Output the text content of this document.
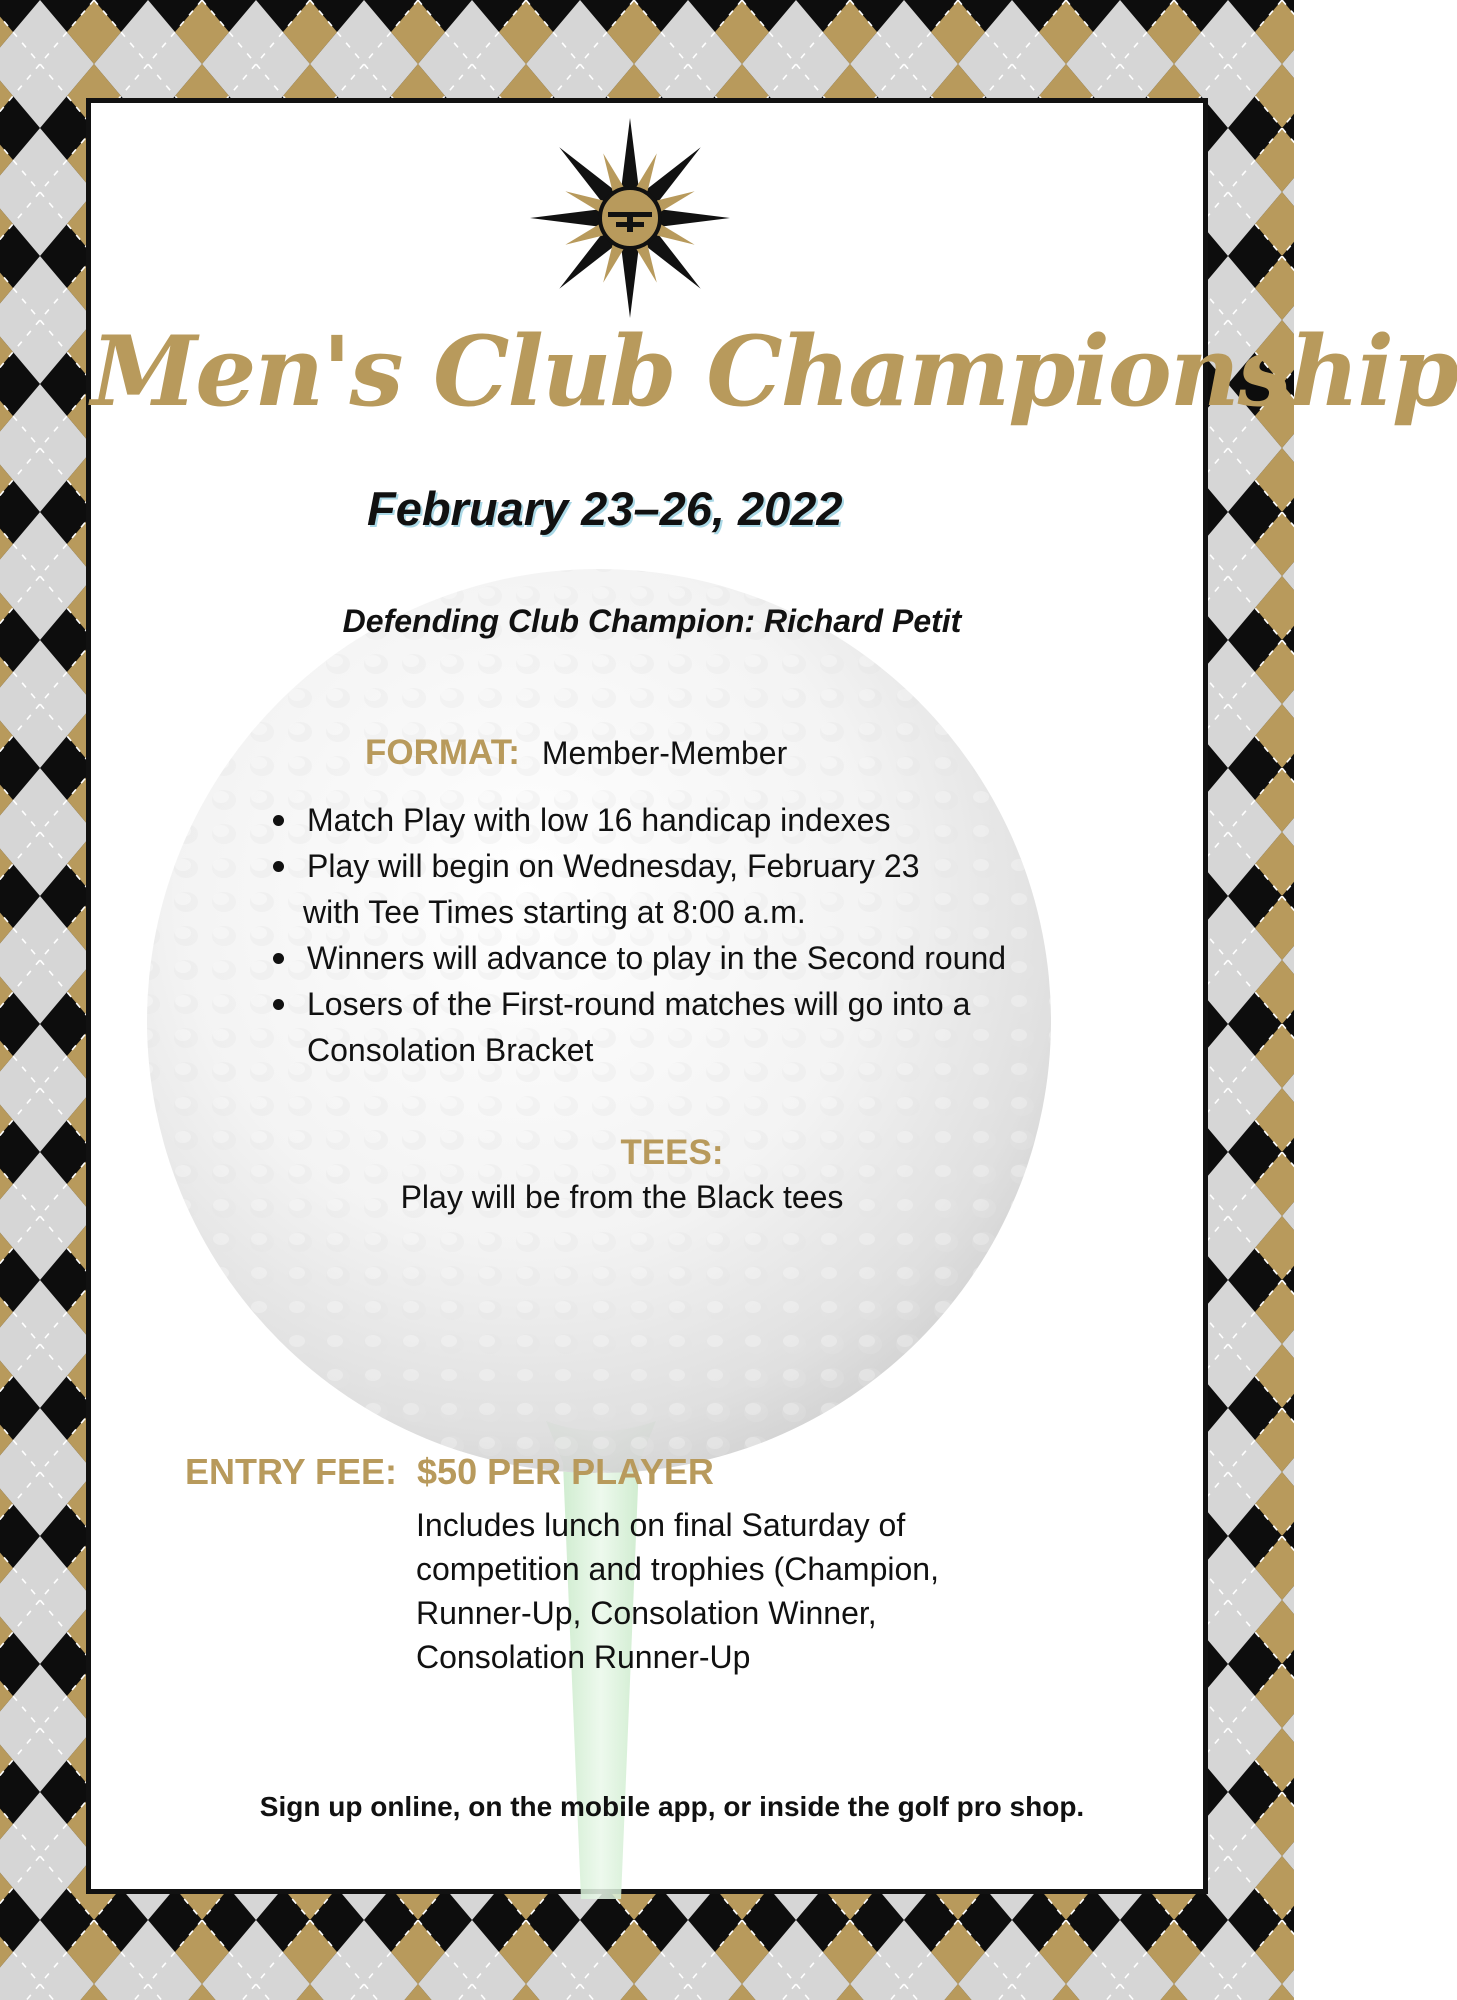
Men's Club Championship
February 23–26, 2022
Defending Club Champion: Richard Petit
FORMAT: Member-Member
Match Play with low 16 handicap indexes
Play will begin on Wednesday, February 23
with Tee Times starting at 8:00 a.m.
Winners will advance to play in the Second round
Losers of the First-round matches will go into a
Consolation Bracket
TEES:
Play will be from the Black tees
ENTRY FEE: $50 PER PLAYER
Includes lunch on final Saturday of
competition and trophies (Champion,
Runner-Up, Consolation Winner,
Consolation Runner-Up
Sign up online, on the mobile app, or inside the golf pro shop.
